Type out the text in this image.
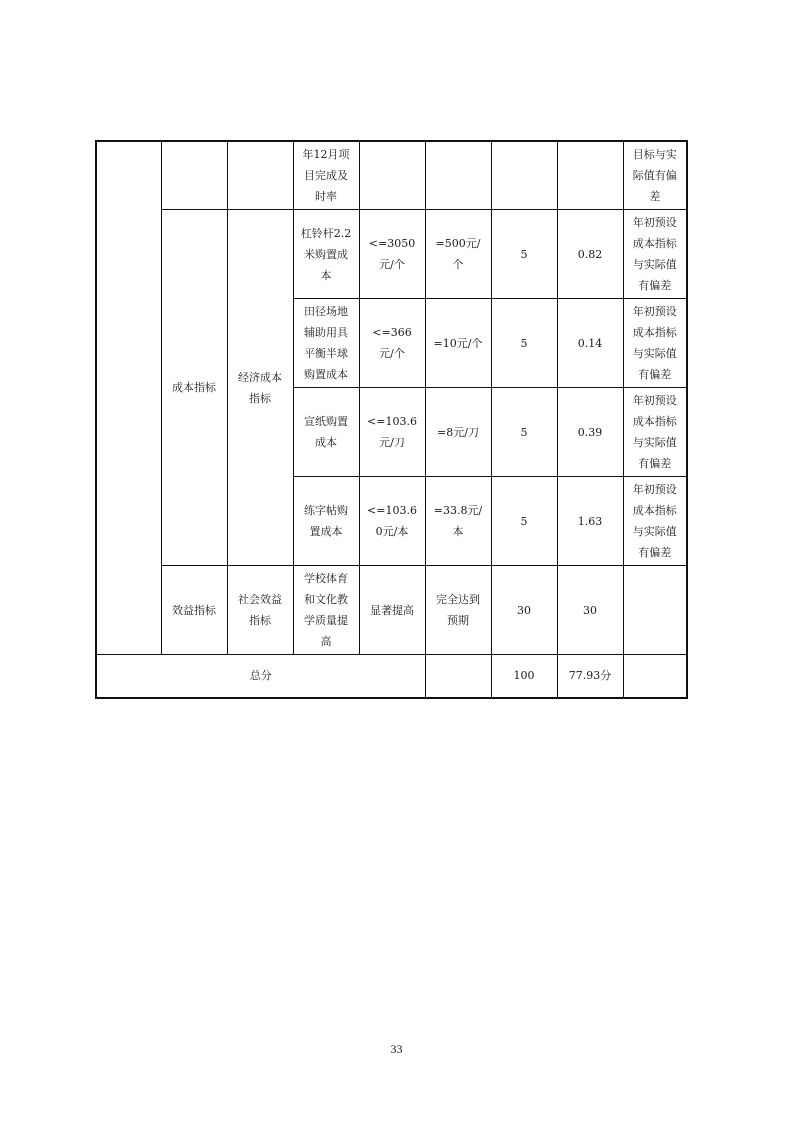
			年12月项目完成及时率					目标与实际值有偏差
	成本指标	经济成本指标	杠铃杆2.2米购置成本	<=3050元/个	=500元/个	5	0.82	年初预设成本指标与实际值有偏差
			田径场地辅助用具平衡半球购置成本	<=366元/个	=10元/个	5	0.14	年初预设成本指标与实际值有偏差
			宣纸购置成本	<=103.6元/刀	=8元/刀	5	0.39	年初预设成本指标与实际值有偏差
			练字帖购置成本	<=103.60元/本	=33.8元/本	5	1.63	年初预设成本指标与实际值有偏差
	效益指标	社会效益指标	学校体育和文化教学质量提高	显著提高	完全达到预期	30	30	
总分						100	77.93分	
33
